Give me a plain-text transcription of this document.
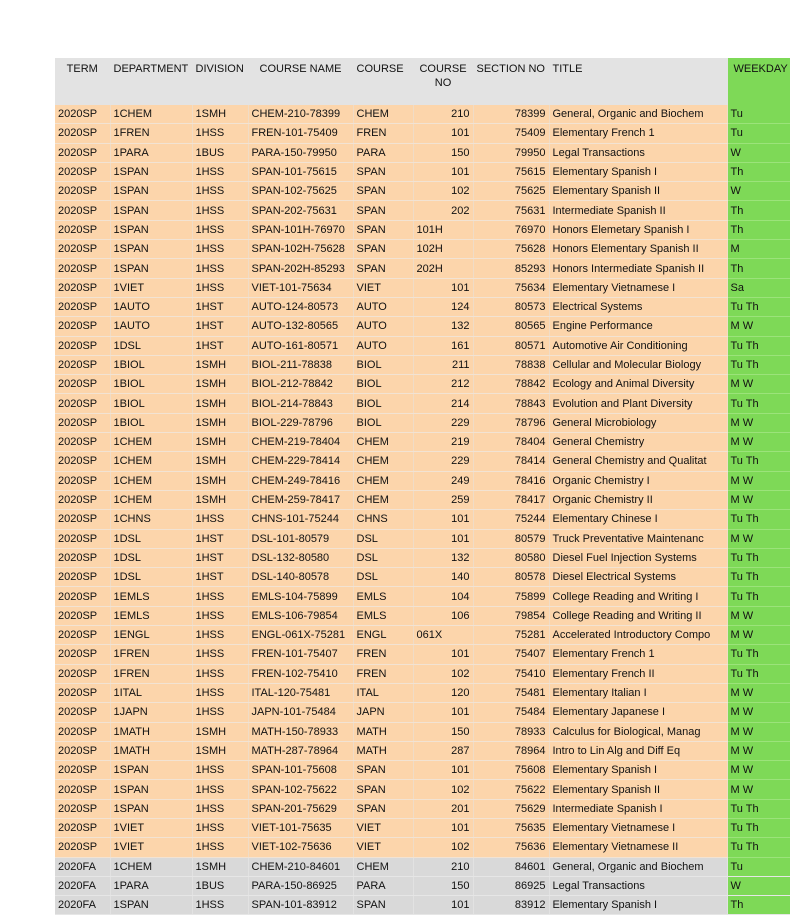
TERM	DEPARTMENT	DIVISION	COURSE NAME	COURSE	COURSE NO	SECTION NO	TITLE	WEEKDAY
2020SP	1CHEM	1SMH	CHEM-210-78399	CHEM	210	78399	General, Organic and Biochem	Tu
2020SP	1FREN	1HSS	FREN-101-75409	FREN	101	75409	Elementary French 1	Tu
2020SP	1PARA	1BUS	PARA-150-79950	PARA	150	79950	Legal Transactions	W
2020SP	1SPAN	1HSS	SPAN-101-75615	SPAN	101	75615	Elementary Spanish I	Th
2020SP	1SPAN	1HSS	SPAN-102-75625	SPAN	102	75625	Elementary Spanish II	W
2020SP	1SPAN	1HSS	SPAN-202-75631	SPAN	202	75631	Intermediate Spanish II	Th
2020SP	1SPAN	1HSS	SPAN-101H-76970	SPAN	101H	76970	Honors Elemetary Spanish I	Th
2020SP	1SPAN	1HSS	SPAN-102H-75628	SPAN	102H	75628	Honors Elementary Spanish II	M
2020SP	1SPAN	1HSS	SPAN-202H-85293	SPAN	202H	85293	Honors Intermediate Spanish II	Th
2020SP	1VIET	1HSS	VIET-101-75634	VIET	101	75634	Elementary Vietnamese I	Sa
2020SP	1AUTO	1HST	AUTO-124-80573	AUTO	124	80573	Electrical Systems	Tu Th
2020SP	1AUTO	1HST	AUTO-132-80565	AUTO	132	80565	Engine Performance	M W
2020SP	1DSL	1HST	AUTO-161-80571	AUTO	161	80571	Automotive Air Conditioning	Tu Th
2020SP	1BIOL	1SMH	BIOL-211-78838	BIOL	211	78838	Cellular and Molecular Biology	Tu Th
2020SP	1BIOL	1SMH	BIOL-212-78842	BIOL	212	78842	Ecology and Animal Diversity	M W
2020SP	1BIOL	1SMH	BIOL-214-78843	BIOL	214	78843	Evolution and Plant Diversity	Tu Th
2020SP	1BIOL	1SMH	BIOL-229-78796	BIOL	229	78796	General Microbiology	M W
2020SP	1CHEM	1SMH	CHEM-219-78404	CHEM	219	78404	General Chemistry	M W
2020SP	1CHEM	1SMH	CHEM-229-78414	CHEM	229	78414	General Chemistry and Qualitat	Tu Th
2020SP	1CHEM	1SMH	CHEM-249-78416	CHEM	249	78416	Organic Chemistry I	M W
2020SP	1CHEM	1SMH	CHEM-259-78417	CHEM	259	78417	Organic Chemistry II	M W
2020SP	1CHNS	1HSS	CHNS-101-75244	CHNS	101	75244	Elementary Chinese I	Tu Th
2020SP	1DSL	1HST	DSL-101-80579	DSL	101	80579	Truck Preventative Maintenanc	M W
2020SP	1DSL	1HST	DSL-132-80580	DSL	132	80580	Diesel Fuel Injection Systems	Tu Th
2020SP	1DSL	1HST	DSL-140-80578	DSL	140	80578	Diesel Electrical Systems	Tu Th
2020SP	1EMLS	1HSS	EMLS-104-75899	EMLS	104	75899	College Reading and Writing I	Tu Th
2020SP	1EMLS	1HSS	EMLS-106-79854	EMLS	106	79854	College Reading and Writing II	M W
2020SP	1ENGL	1HSS	ENGL-061X-75281	ENGL	061X	75281	Accelerated Introductory Compo	M W
2020SP	1FREN	1HSS	FREN-101-75407	FREN	101	75407	Elementary French 1	Tu Th
2020SP	1FREN	1HSS	FREN-102-75410	FREN	102	75410	Elementary French II	Tu Th
2020SP	1ITAL	1HSS	ITAL-120-75481	ITAL	120	75481	Elementary Italian I	M W
2020SP	1JAPN	1HSS	JAPN-101-75484	JAPN	101	75484	Elementary Japanese I	M W
2020SP	1MATH	1SMH	MATH-150-78933	MATH	150	78933	Calculus for Biological, Manag	M W
2020SP	1MATH	1SMH	MATH-287-78964	MATH	287	78964	Intro to Lin Alg and Diff Eq	M W
2020SP	1SPAN	1HSS	SPAN-101-75608	SPAN	101	75608	Elementary Spanish I	M W
2020SP	1SPAN	1HSS	SPAN-102-75622	SPAN	102	75622	Elementary Spanish II	M W
2020SP	1SPAN	1HSS	SPAN-201-75629	SPAN	201	75629	Intermediate Spanish I	Tu Th
2020SP	1VIET	1HSS	VIET-101-75635	VIET	101	75635	Elementary Vietnamese I	Tu Th
2020SP	1VIET	1HSS	VIET-102-75636	VIET	102	75636	Elementary Vietnamese II	Tu Th
2020FA	1CHEM	1SMH	CHEM-210-84601	CHEM	210	84601	General, Organic and Biochem	Tu
2020FA	1PARA	1BUS	PARA-150-86925	PARA	150	86925	Legal Transactions	W
2020FA	1SPAN	1HSS	SPAN-101-83912	SPAN	101	83912	Elementary Spanish I	Th
